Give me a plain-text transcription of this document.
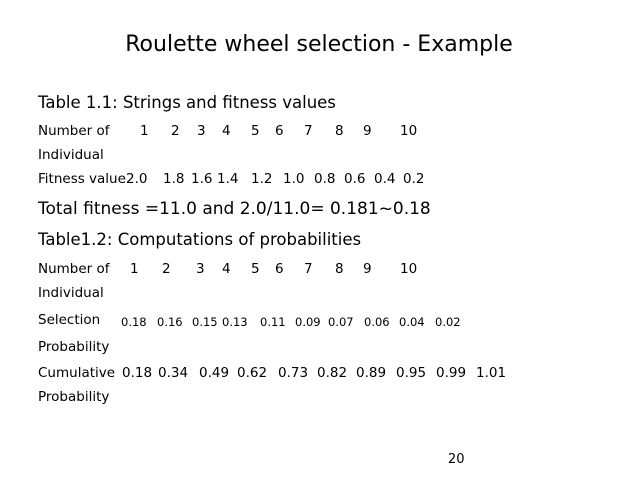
Roulette wheel selection - Example
Table 1.1: Strings and fitness values
Number of 1 2 3 4 5 6 7 8 9 10
Individual
Fitness value 2.0 1.8 1.6 1.4 1.2 1.0 0.8 0.6 0.4 0.2
Total fitness =11.0 and 2.0/11.0= 0.181~0.18
Table1.2: Computations of probabilities
Number of 1 2 3 4 5 6 7 8 9 10
Individual
Selection 0.18 0.16 0.15 0.13 0.11 0.09 0.07 0.06 0.04 0.02
Probability
Cumulative 0.18 0.34 0.49 0.62 0.73 0.82 0.89 0.95 0.99 1.01
Probability
20
